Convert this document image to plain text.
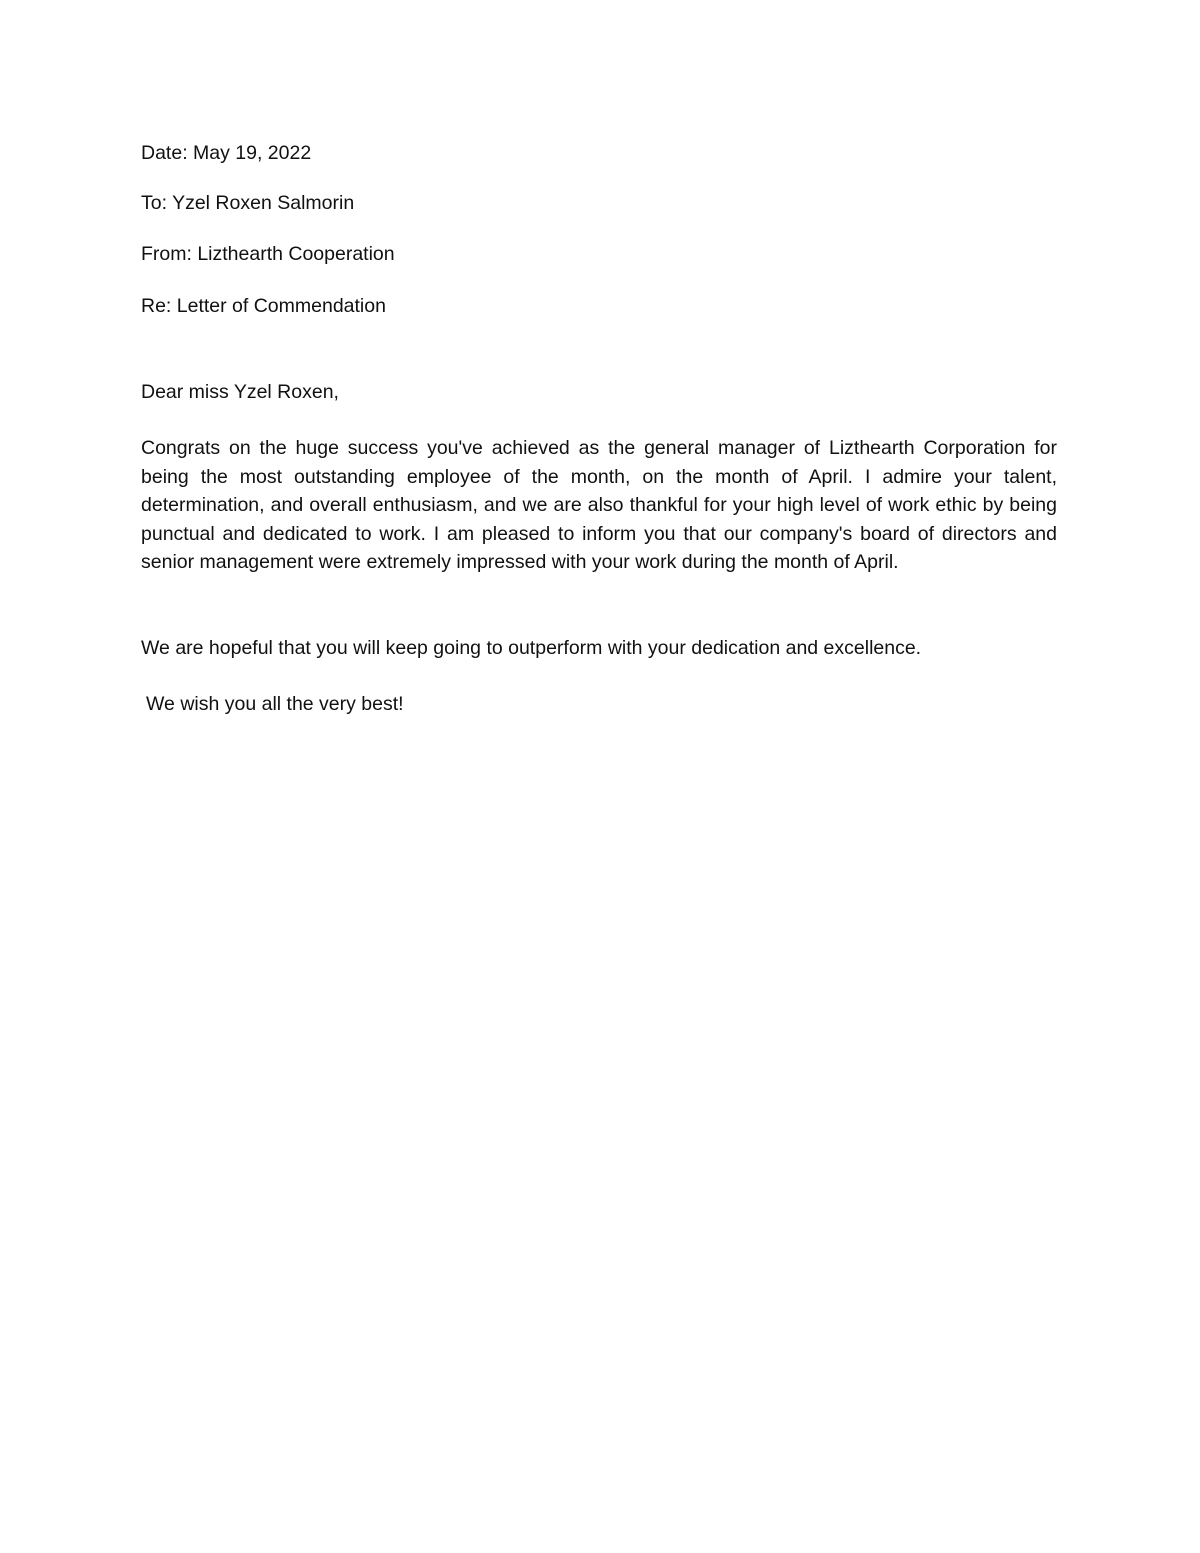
Date: May 19, 2022
To: Yzel Roxen Salmorin
From: Lizthearth Cooperation
Re: Letter of Commendation
Dear miss Yzel Roxen,
Congrats on the huge success you've achieved as the general manager of Lizthearth Corporation for being the most outstanding employee of the month, on the month of April. I admire your talent, determination, and overall enthusiasm, and we are also thankful for your high level of work ethic by being punctual and dedicated to work. I am pleased to inform you that our company's board of directors and senior management were extremely impressed with your work during the month of April.
We are hopeful that you will keep going to outperform with your dedication and excellence.
We wish you all the very best!
